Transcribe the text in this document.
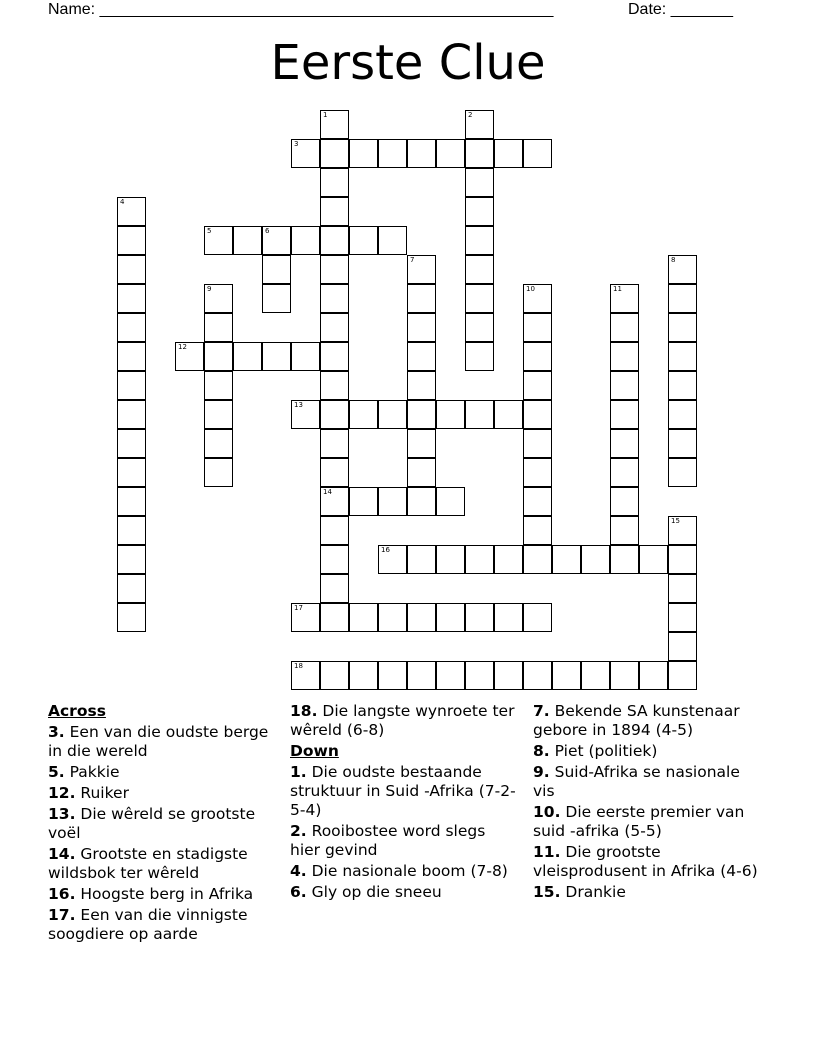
Name: ___________________________________________________	Date: _______
Eerste Clue
1
14
2
3
4
5	6
7	8
9	10	11
12
13
15
16
17
18
Across
3. Een van die oudste berge in die wereld
5. Pakkie
12. Ruiker
13. Die wêreld se grootste voël
14. Grootste en stadigste wildsbok ter wêreld
16. Hoogste berg in Afrika
17. Een van die vinnigste soogdiere op aarde
18. Die langste wynroete ter wêreld (6-8)
Down
1. Die oudste bestaande struktuur in Suid -Afrika (7-2-5-4)
2. Rooibostee word slegs hier gevind
4. Die nasionale boom (7-8)
6. Gly op die sneeu
7. Bekende SA kunstenaar gebore in 1894 (4-5)
8. Piet (politiek)
9. Suid-Afrika se nasionale vis
10. Die eerste premier van suid -afrika (5-5)
11. Die grootste vleisprodusent in Afrika (4-6)
15. Drankie
